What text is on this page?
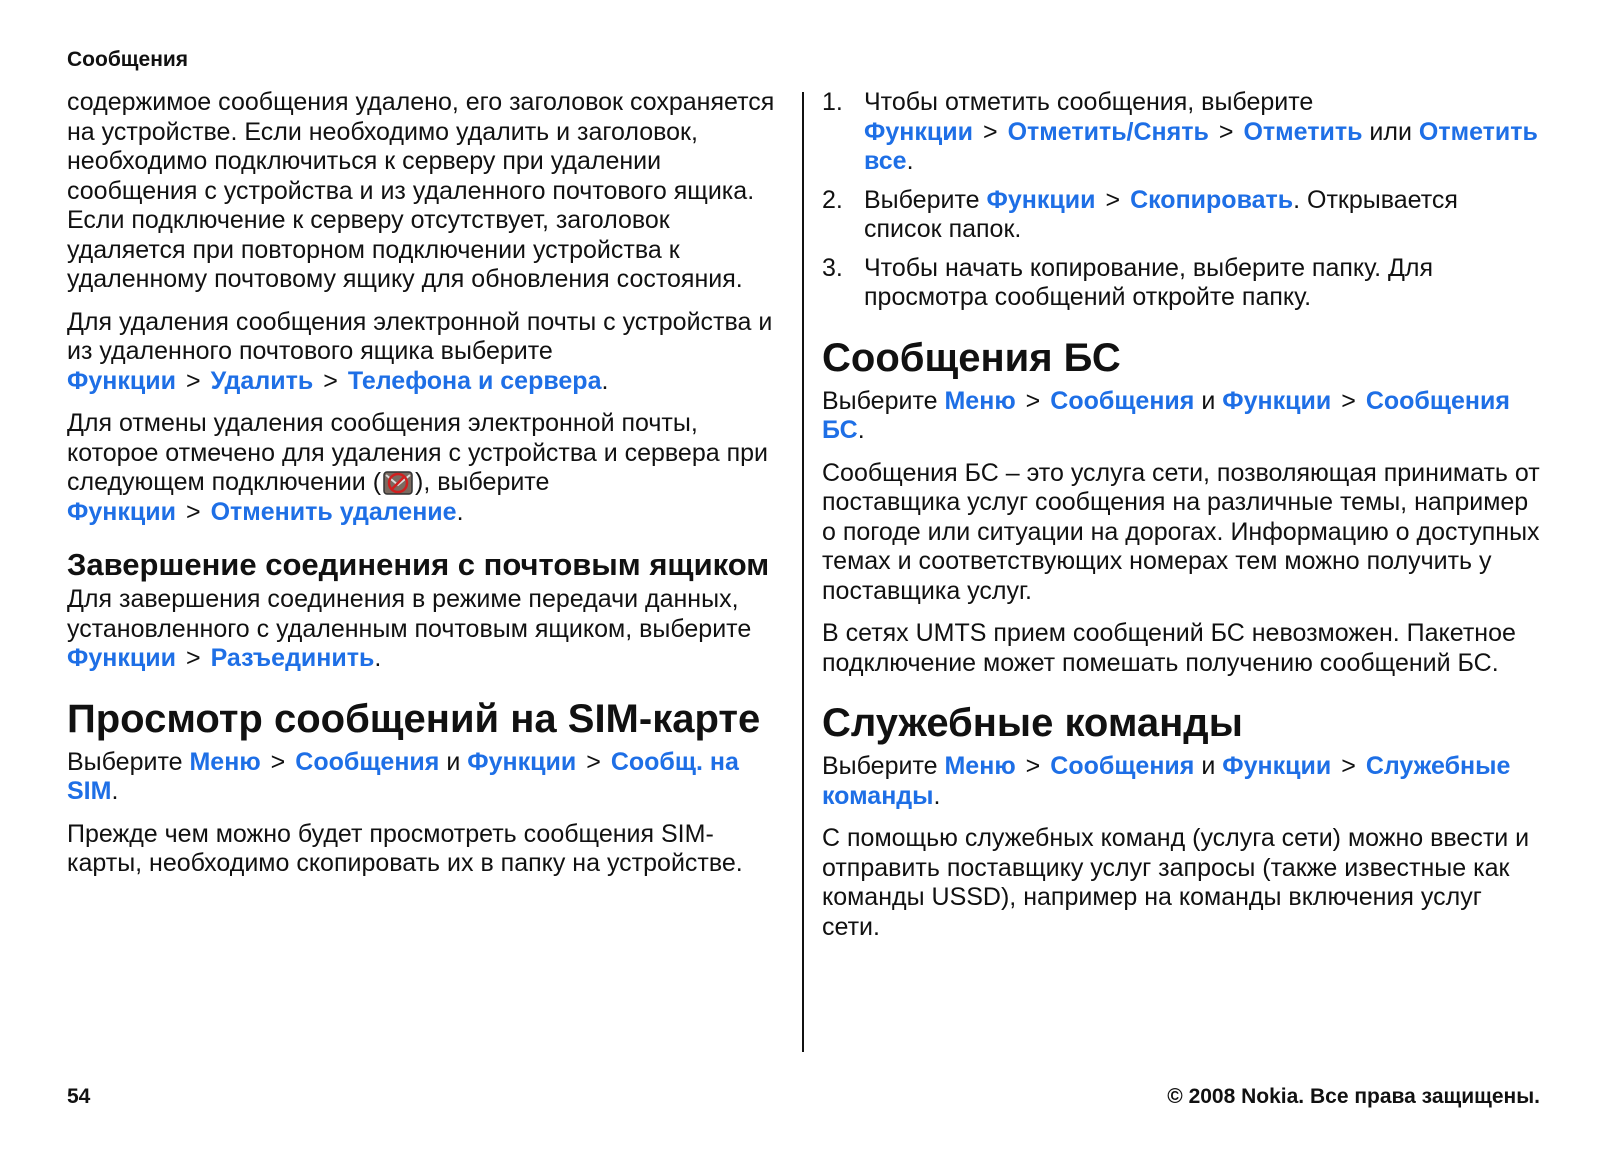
Сообщения

содержимое сообщения удалено, его заголовок сохраняется на устройстве. Если необходимо удалить и заголовок, необходимо подключиться к серверу при удалении сообщения с устройства и из удаленного почтового ящика. Если подключение к серверу отсутствует, заголовок удаляется при повторном подключении устройства к удаленному почтовому ящику для обновления состояния.

Для удаления сообщения электронной почты с устройства и из удаленного почтового ящика выберите Функции > Удалить > Телефона и сервера.

Для отмены удаления сообщения электронной почты, которое отмечено для удаления с устройства и сервера при следующем подключении ( ), выберите Функции > Отменить удаление.

Завершение соединения с почтовым ящиком

Для завершения соединения в режиме передачи данных, установленного с удаленным почтовым ящиком, выберите Функции > Разъединить.

Просмотр сообщений на SIM-карте

Выберите Меню > Сообщения и Функции > Сообщ. на SIM.

Прежде чем можно будет просмотреть сообщения SIM-карты, необходимо скопировать их в папку на устройстве.

1. Чтобы отметить сообщения, выберите Функции > Отметить/Снять > Отметить или Отметить все.
2. Выберите Функции > Скопировать. Открывается список папок.
3. Чтобы начать копирование, выберите папку. Для просмотра сообщений откройте папку.
Сообщения БС

Выберите Меню > Сообщения и Функции > Сообщения БС.

Сообщения БС – это услуга сети, позволяющая принимать от поставщика услуг сообщения на различные темы, например о погоде или ситуации на дорогах. Информацию о доступных темах и соответствующих номерах тем можно получить у поставщика услуг.

В сетях UMTS прием сообщений БС невозможен. Пакетное подключение может помешать получению сообщений БС.

Служебные команды

Выберите Меню > Сообщения и Функции > Служебные команды.

С помощью служебных команд (услуга сети) можно ввести и отправить поставщику услуг запросы (также известные как команды USSD), например на команды включения услуг сети.

54	© 2008 Nokia. Все права защищены.
